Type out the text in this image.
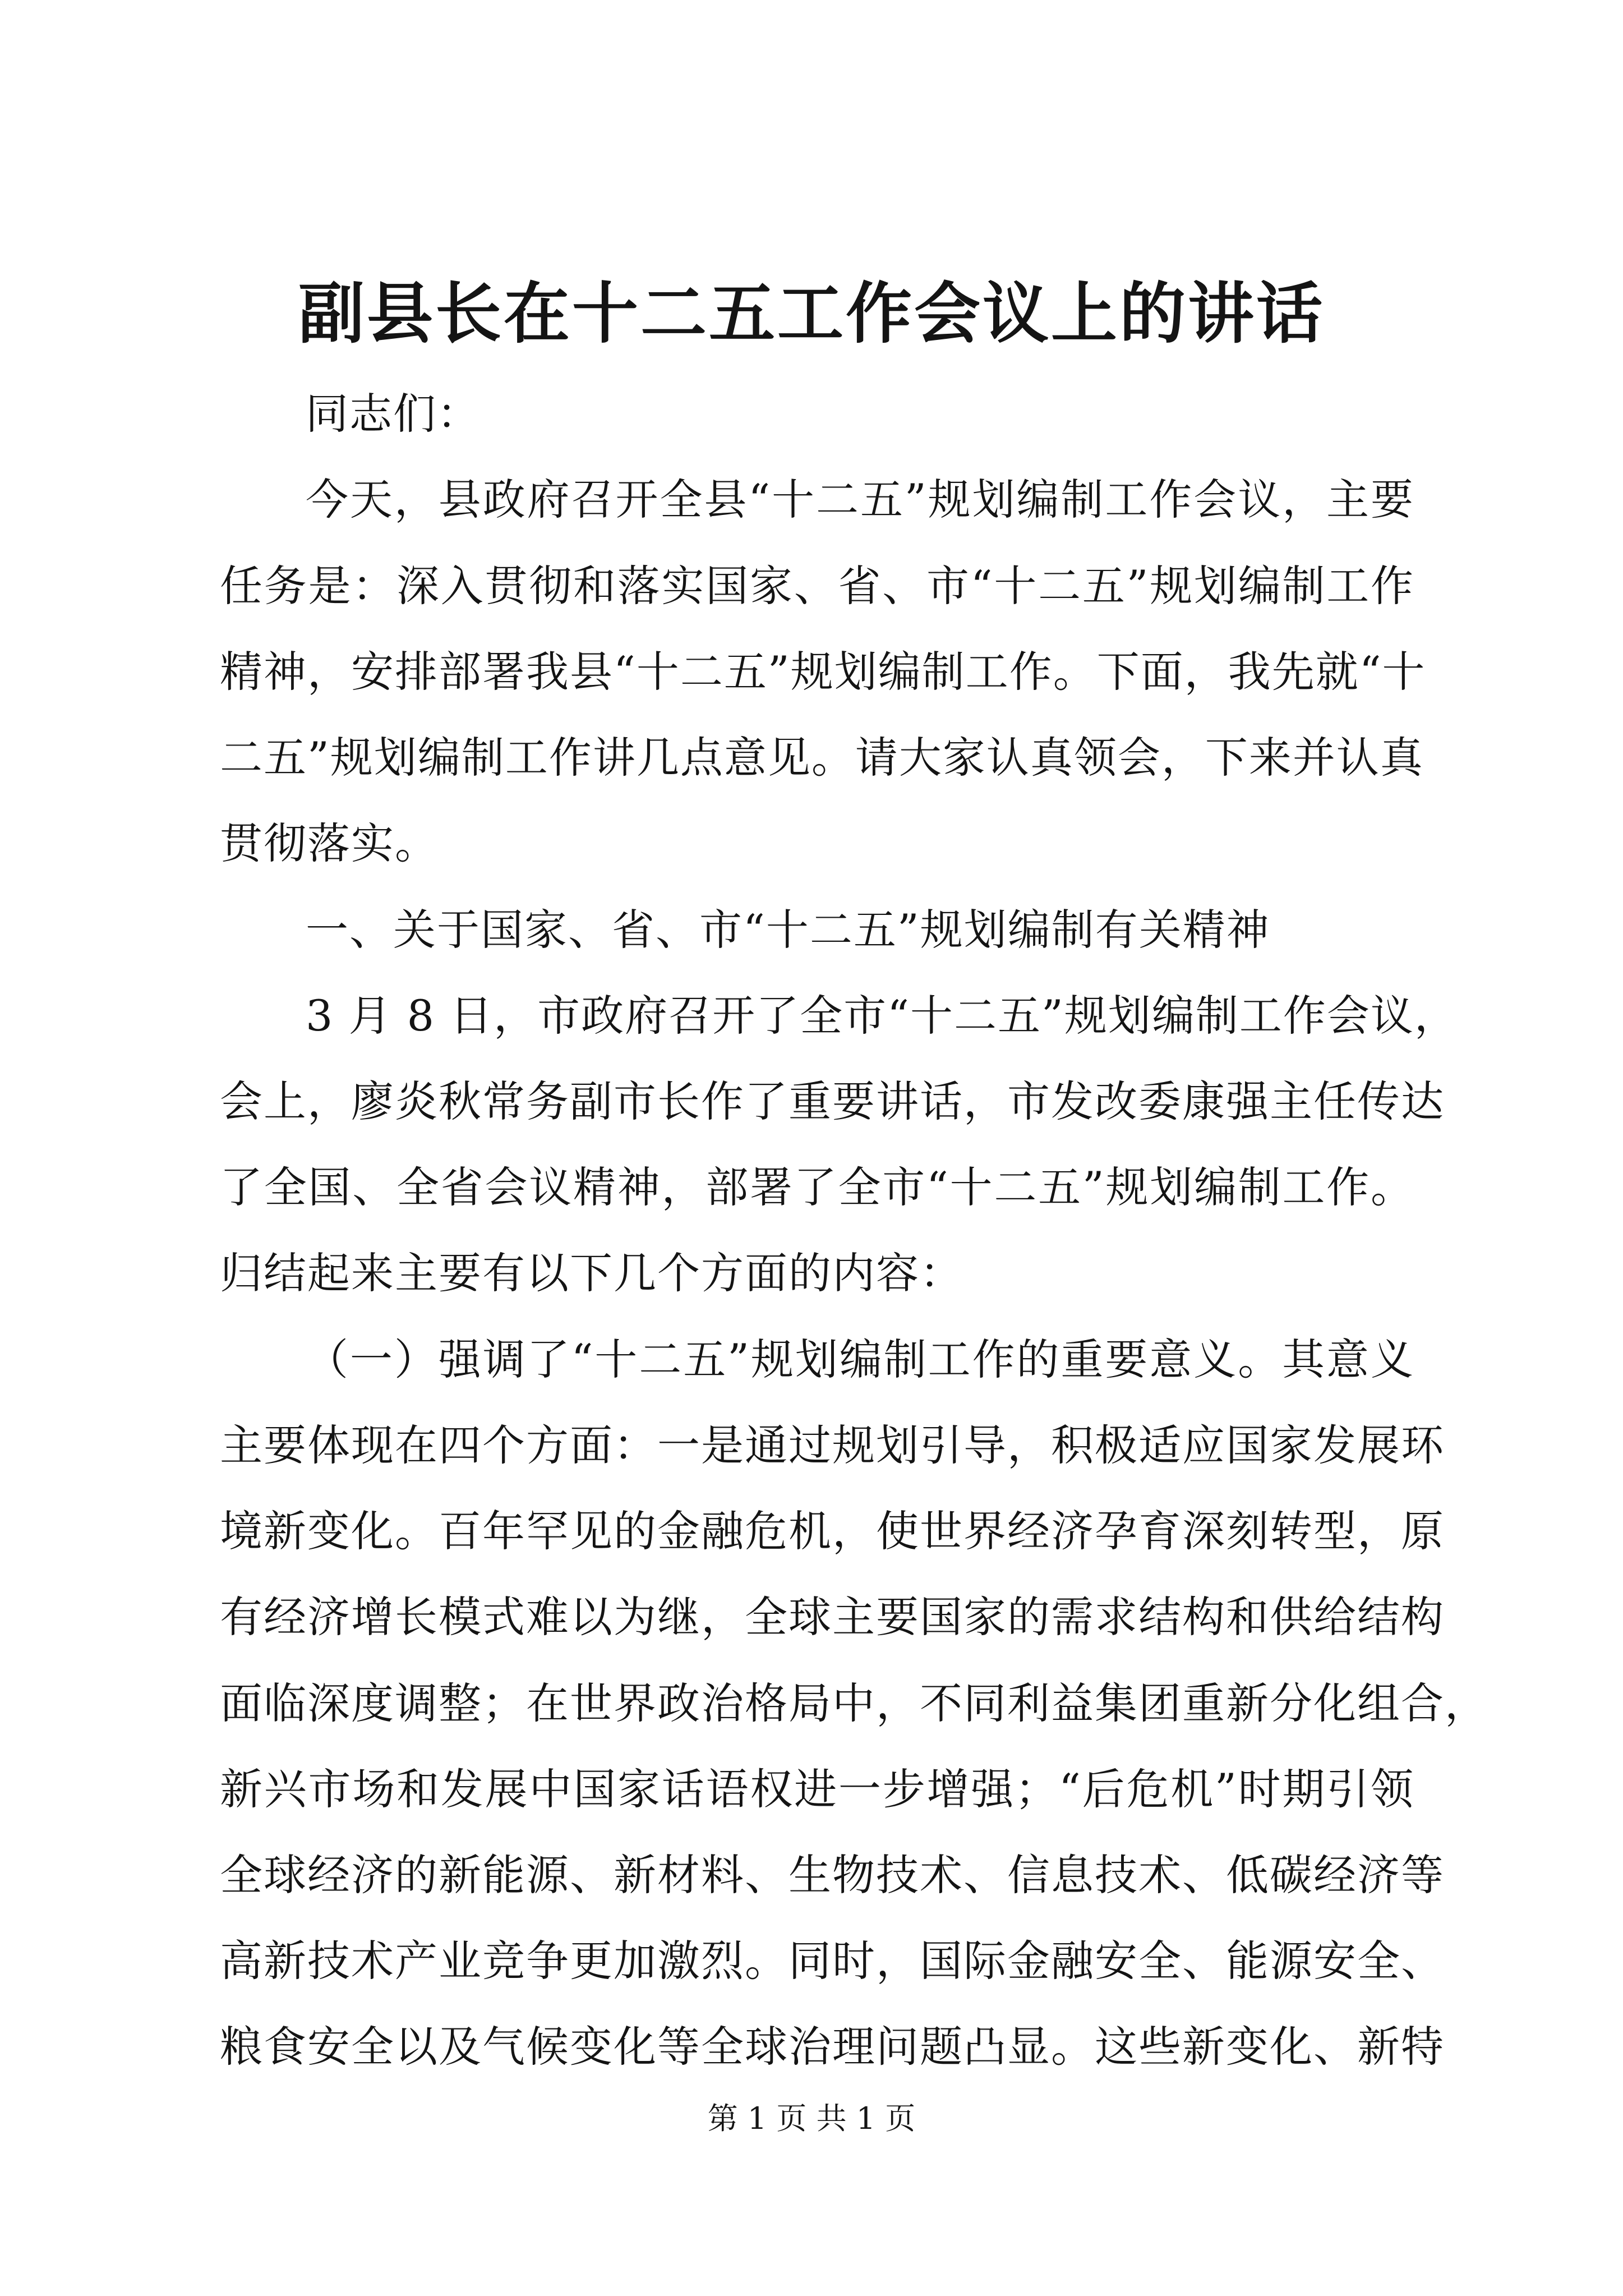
副县长在十二五工作会议上的讲话
同志们：
今天，县政府召开全县“十二五”规划编制工作会议，主要
任务是：深入贯彻和落实国家、省、市“十二五”规划编制工作
精神，安排部署我县“十二五”规划编制工作。下面，我先就“十
二五”规划编制工作讲几点意见。请大家认真领会，下来并认真
贯彻落实。
一、关于国家、省、市“十二五”规划编制有关精神
3 月 8 日，市政府召开了全市“十二五”规划编制工作会议，
会上，廖炎秋常务副市长作了重要讲话，市发改委康强主任传达
了全国、全省会议精神，部署了全市“十二五”规划编制工作。
归结起来主要有以下几个方面的内容：
（一）强调了“十二五”规划编制工作的重要意义。其意义
主要体现在四个方面：一是通过规划引导，积极适应国家发展环
境新变化。百年罕见的金融危机，使世界经济孕育深刻转型，原
有经济增长模式难以为继，全球主要国家的需求结构和供给结构
面临深度调整；在世界政治格局中，不同利益集团重新分化组合，
新兴市场和发展中国家话语权进一步增强；“后危机”时期引领
全球经济的新能源、新材料、生物技术、信息技术、低碳经济等
高新技术产业竞争更加激烈。同时，国际金融安全、能源安全、
粮食安全以及气候变化等全球治理问题凸显。这些新变化、新特
第 1 页 共 1 页
